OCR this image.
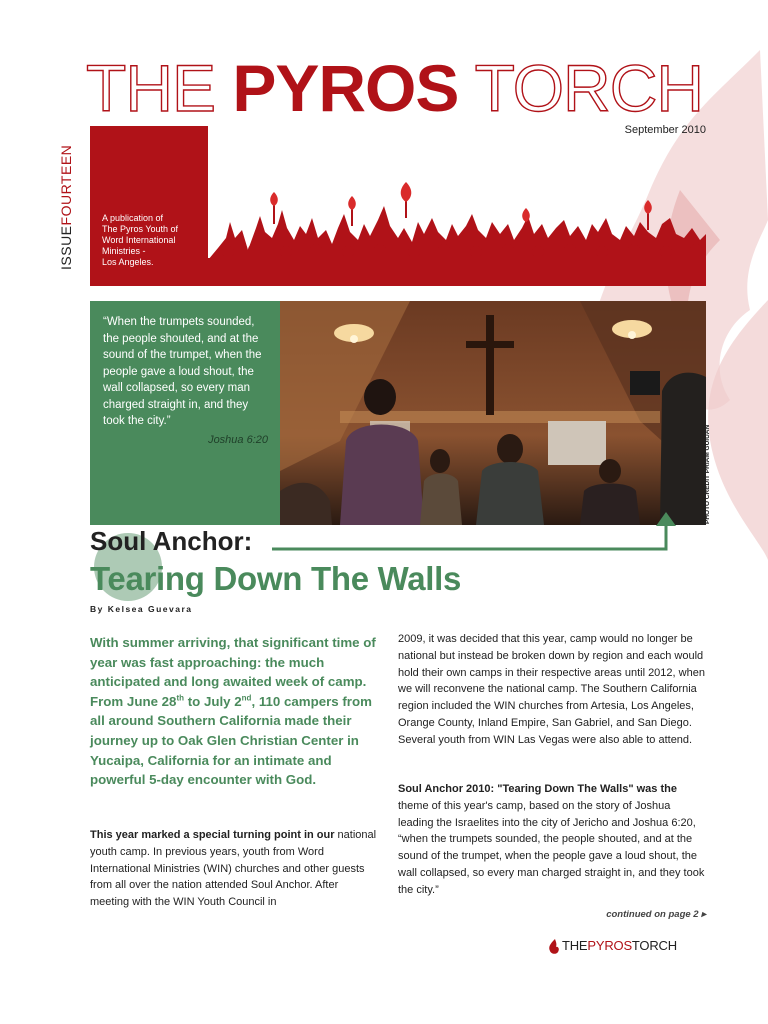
THE PYROS TORCH
ISSUEFOURTEEN
September 2010
A publication of
The Pyros Youth of
Word International
Ministries -
Los Angeles.
“When the trumpets sounded, the people shouted, and at the sound of the trumpet, when the people gave a loud shout, the wall collapsed, so every man charged straight in, and they took the city.”
Joshua 6:20	PHOTO CREDIT PRIAM GUIUAN
Soul Anchor:
Tearing Down The Walls
By Kelsea Guevara
With summer arriving, that significant time of year was fast approaching: the much anticipated and long awaited week of camp. From June 28th to July 2nd, 110 campers from all around Southern California made their journey up to Oak Glen Christian Center in Yucaipa, California for an intimate and powerful 5-day encounter with God.
This year marked a special turning point in our national youth camp. In previous years, youth from Word International Ministries (WIN) churches and other guests from all over the nation attended Soul Anchor. After meeting with the WIN Youth Council in
2009, it was decided that this year, camp would no longer be national but instead be broken down by region and each would hold their own camps in their respective areas until 2012, when we will reconvene the national camp. The Southern California region included the WIN churches from Artesia, Los Angeles, Orange County, Inland Empire, San Gabriel, and San Diego. Several youth from WIN Las Vegas were also able to attend.
Soul Anchor 2010: "Tearing Down The Walls" was the theme of this year's camp, based on the story of Joshua leading the Israelites into the city of Jericho and Joshua 6:20, “when the trumpets sounded, the people shouted, and at the sound of the trumpet, when the people gave a loud shout, the wall collapsed, so every man charged straight in, and they took the city.”
continued on page 2 ▸
THEPYROSTORCH
